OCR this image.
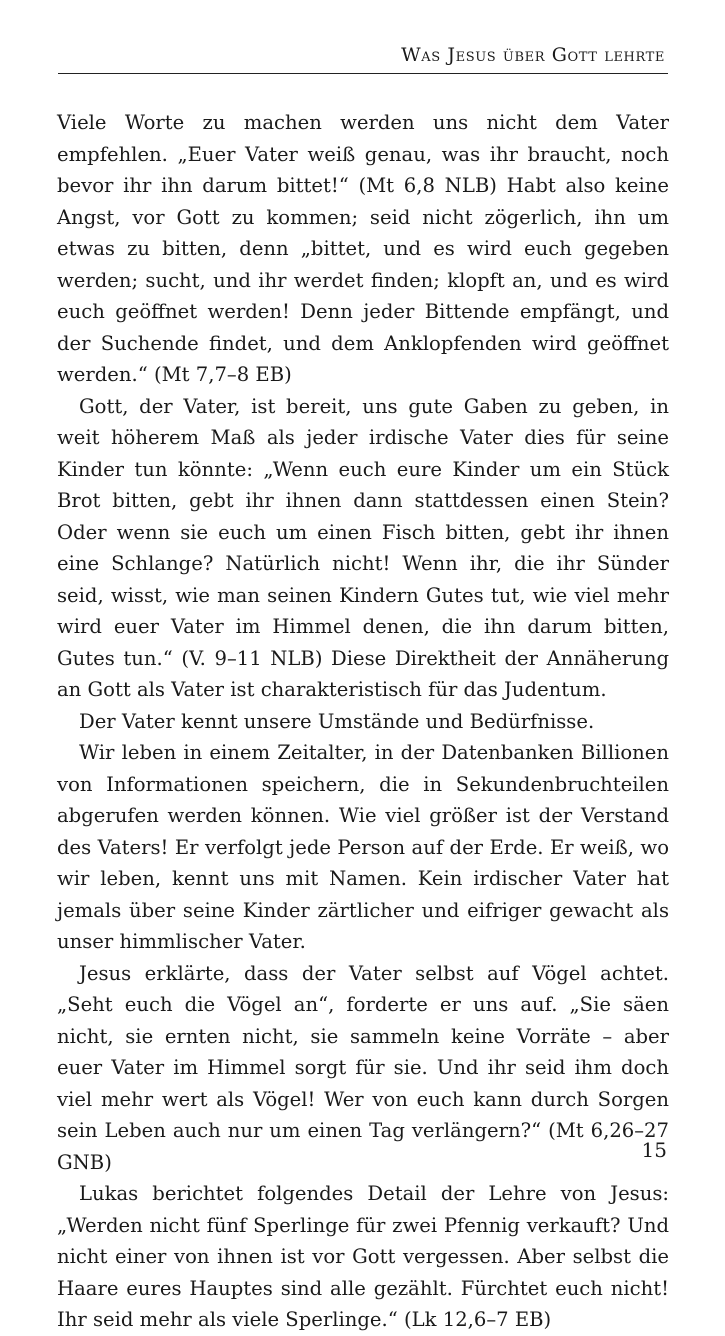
Was Jesus über Gott lehrte

Viele Worte zu machen werden uns nicht dem Vater empfehlen. „Euer Vater weiß genau, was ihr braucht, noch bevor ihr ihn darum bittet!“ (Mt 6,8 NLB) Habt also keine Angst, vor Gott zu kommen; seid nicht zögerlich, ihn um etwas zu bitten, denn „bittet, und es wird euch gegeben werden; sucht, und ihr werdet finden; klopft an, und es wird euch geöffnet werden! Denn jeder Bittende empfängt, und der Suchende findet, und dem Anklopfenden wird geöffnet werden.“ (Mt 7,7–8 EB)

Gott, der Vater, ist bereit, uns gute Gaben zu geben, in weit höherem Maß als jeder irdische Vater dies für seine Kinder tun könnte: „Wenn euch eure Kinder um ein Stück Brot bitten, gebt ihr ihnen dann stattdessen einen Stein? Oder wenn sie euch um einen Fisch bitten, gebt ihr ihnen eine Schlange? Natürlich nicht! Wenn ihr, die ihr Sünder seid, wisst, wie man seinen Kindern Gutes tut, wie viel mehr wird euer Vater im Himmel denen, die ihn darum bitten, Gutes tun.“ (V. 9–11 NLB) Diese Direktheit der Annäherung an Gott als Vater ist charakteristisch für das Judentum.

Der Vater kennt unsere Umstände und Bedürfnisse.

Wir leben in einem Zeitalter, in der Datenbanken Billionen von Informationen speichern, die in Sekundenbruchteilen abgerufen werden können. Wie viel größer ist der Verstand des Vaters! Er verfolgt jede Person auf der Erde. Er weiß, wo wir leben, kennt uns mit Namen. Kein irdischer Vater hat jemals über seine Kinder zärtlicher und eifriger gewacht als unser himmlischer Vater.

Jesus erklärte, dass der Vater selbst auf Vögel achtet. „Seht euch die Vögel an“, forderte er uns auf. „Sie säen nicht, sie ernten nicht, sie sammeln keine Vorräte – aber euer Vater im Himmel sorgt für sie. Und ihr seid ihm doch viel mehr wert als Vögel! Wer von euch kann durch Sorgen sein Leben auch nur um einen Tag verlängern?“ (Mt 6,26–27 GNB)

Lukas berichtet folgendes Detail der Lehre von Jesus: „Werden nicht fünf Sperlinge für zwei Pfennig verkauft? Und nicht einer von ihnen ist vor Gott vergessen. Aber selbst die Haare eures Hauptes sind alle gezählt. Fürchtet euch nicht! Ihr seid mehr als viele Sperlinge.“ (Lk 12,6–7 EB)

15
